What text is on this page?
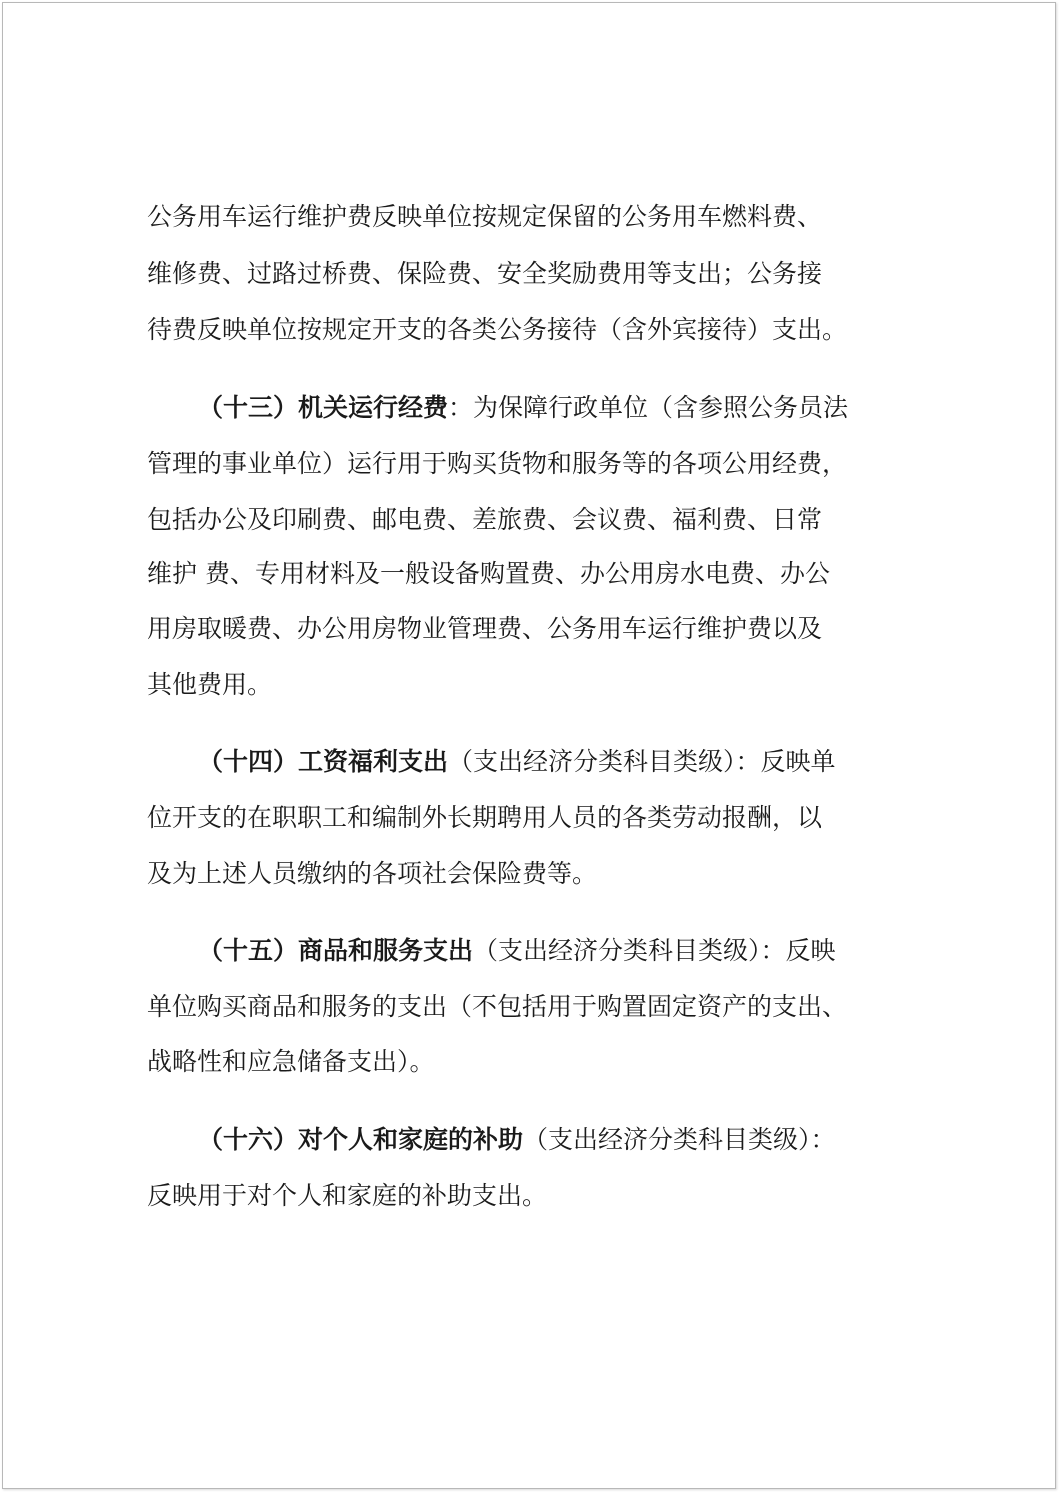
公务用车运行维护费反映单位按规定保留的公务用车燃料费、
维修费、过路过桥费、保险费、安全奖励费用等支出；公务接
待费反映单位按规定开支的各类公务接待（含外宾接待）支出。
（十三）机关运行经费：为保障行政单位（含参照公务员法
管理的事业单位）运行用于购买货物和服务等的各项公用经费，
包括办公及印刷费、邮电费、差旅费、会议费、福利费、日常
维护 费、专用材料及一般设备购置费、办公用房水电费、办公
用房取暖费、办公用房物业管理费、公务用车运行维护费以及
其他费用。
（十四）工资福利支出（支出经济分类科目类级）：反映单
位开支的在职职工和编制外长期聘用人员的各类劳动报酬，以
及为上述人员缴纳的各项社会保险费等。
（十五）商品和服务支出（支出经济分类科目类级）：反映
单位购买商品和服务的支出（不包括用于购置固定资产的支出、
战略性和应急储备支出）。
（十六）对个人和家庭的补助（支出经济分类科目类级）：
反映用于对个人和家庭的补助支出。
